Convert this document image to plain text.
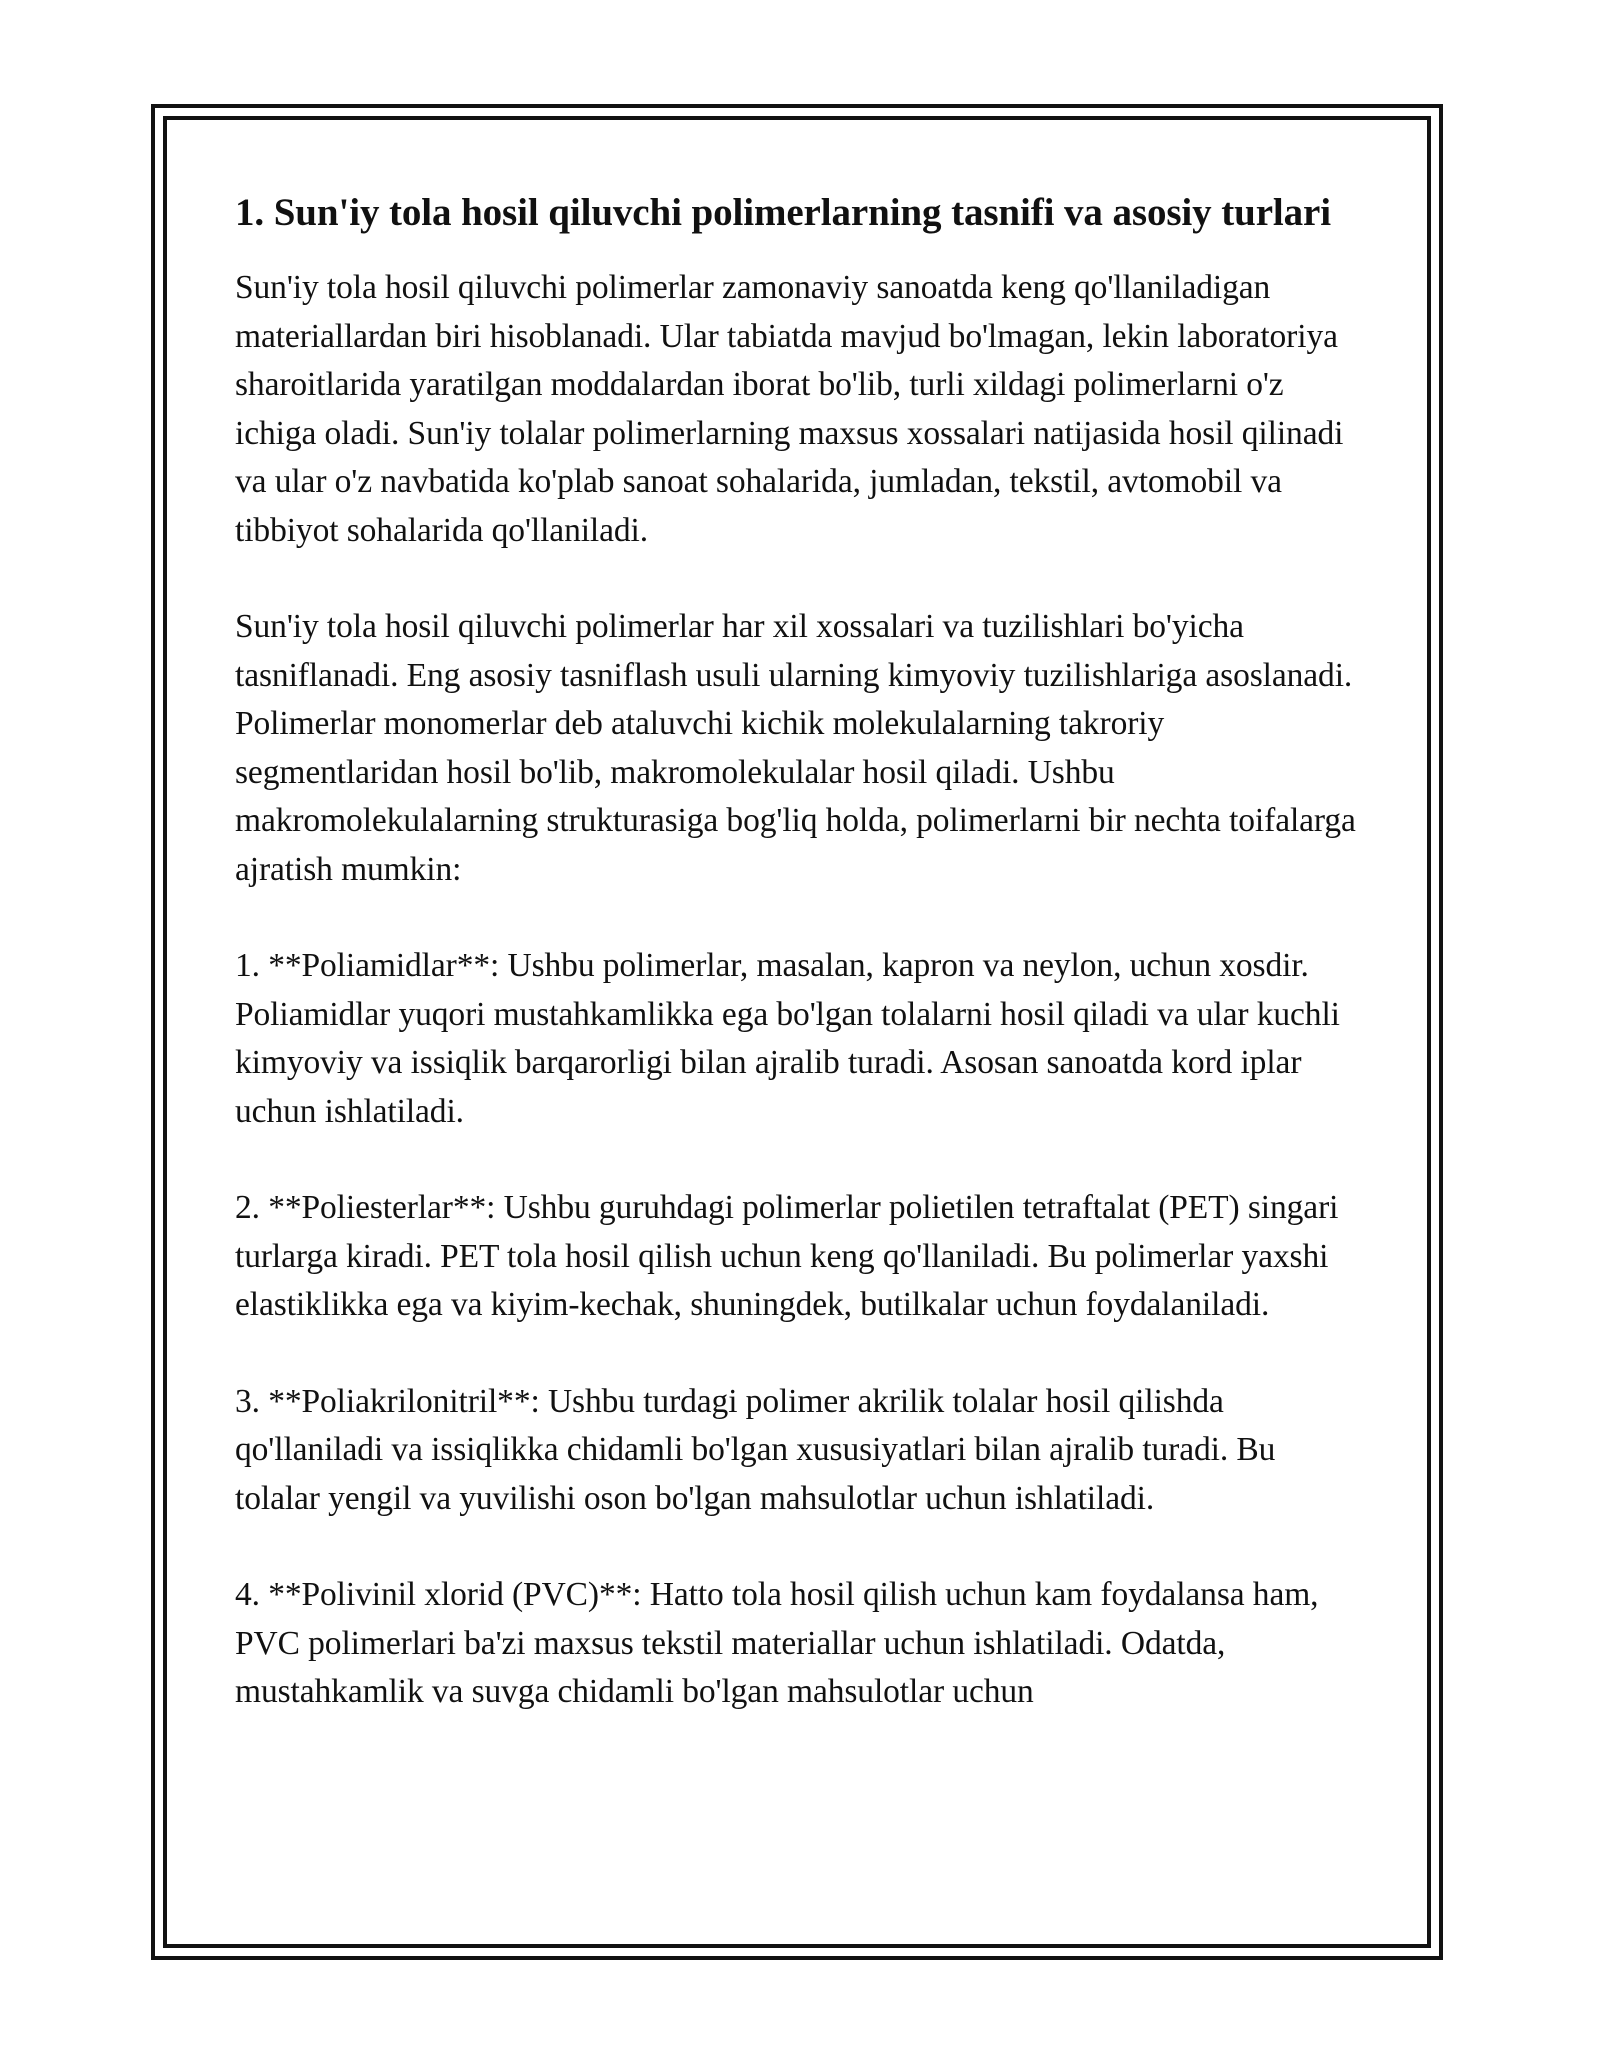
1. Sun'iy tola hosil qiluvchi polimerlarning tasnifi va asosiy turlari

Sun'iy tola hosil qiluvchi polimerlar zamonaviy sanoatda keng qo'llaniladigan materiallardan biri hisoblanadi. Ular tabiatda mavjud bo'lmagan, lekin laboratoriya sharoitlarida yaratilgan moddalardan iborat bo'lib, turli xildagi polimerlarni o'z ichiga oladi. Sun'iy tolalar polimerlarning maxsus xossalari natijasida hosil qilinadi va ular o'z navbatida ko'plab sanoat sohalarida, jumladan, tekstil, avtomobil va tibbiyot sohalarida qo'llaniladi.

Sun'iy tola hosil qiluvchi polimerlar har xil xossalari va tuzilishlari bo'yicha tasniflanadi. Eng asosiy tasniflash usuli ularning kimyoviy tuzilishlariga asoslanadi. Polimerlar monomerlar deb ataluvchi kichik molekulalarning takroriy segmentlaridan hosil bo'lib, makromolekulalar hosil qiladi. Ushbu makromolekulalarning strukturasiga bog'liq holda, polimerlarni bir nechta toifalarga ajratish mumkin:

1. **Poliamidlar**: Ushbu polimerlar, masalan, kapron va neylon, uchun xosdir. Poliamidlar yuqori mustahkamlikka ega bo'lgan tolalarni hosil qiladi va ular kuchli kimyoviy va issiqlik barqarorligi bilan ajralib turadi. Asosan sanoatda kord iplar uchun ishlatiladi.

2. **Poliesterlar**: Ushbu guruhdagi polimerlar polietilen tetraftalat (PET) singari turlarga kiradi. PET tola hosil qilish uchun keng qo'llaniladi. Bu polimerlar yaxshi elastiklikka ega va kiyim-kechak, shuningdek, butilkalar uchun foydalaniladi.

3. **Poliakrilonitril**: Ushbu turdagi polimer akrilik tolalar hosil qilishda qo'llaniladi va issiqlikka chidamli bo'lgan xususiyatlari bilan ajralib turadi. Bu tolalar yengil va yuvilishi oson bo'lgan mahsulotlar uchun ishlatiladi.

4. **Polivinil xlorid (PVC)**: Hatto tola hosil qilish uchun kam foydalansa ham, PVC polimerlari ba'zi maxsus tekstil materiallar uchun ishlatiladi. Odatda, mustahkamlik va suvga chidamli bo'lgan mahsulotlar uchun
